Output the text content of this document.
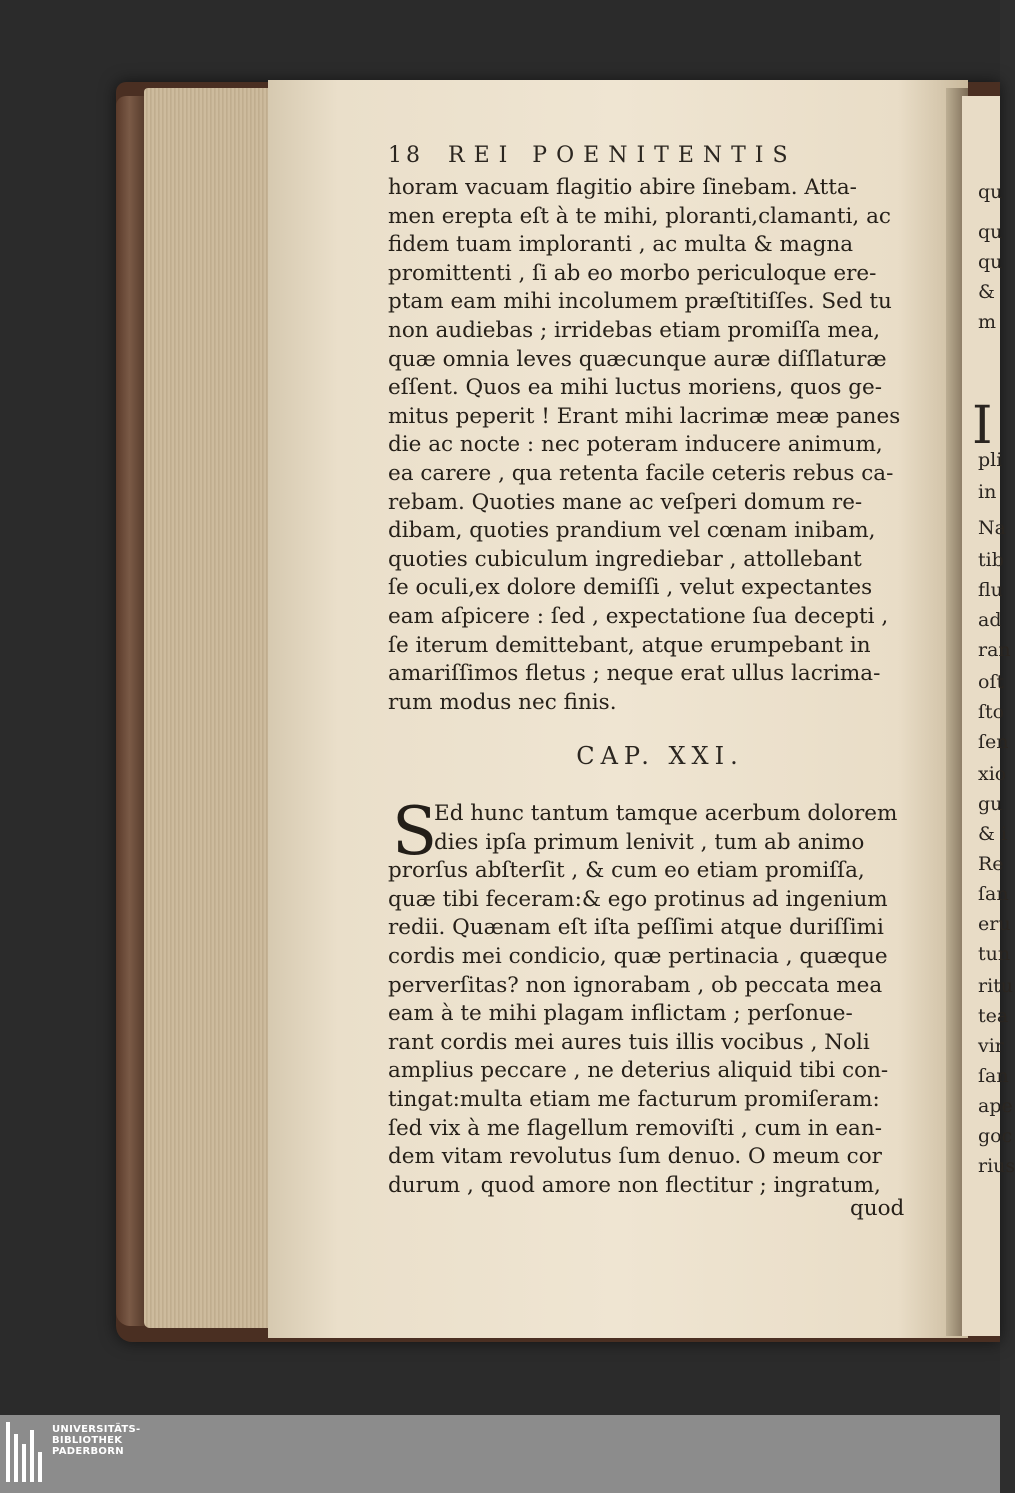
qu
qu
qu
&
m
I
pli
in
Na
tib
flu
ad
ran
oſt
ſto
ſen
xio
gu
& i
Re
ſan
eru
tun
ritu
tea
vir
ſan
ape
goc
rius
18	REI POENITENTIS
horam vacuam flagitio abire ſinebam. Atta-
men erepta eſt à te mihi, ploranti,clamanti, ac
fidem tuam imploranti , ac multa & magna
promittenti , ſi ab eo morbo periculoque ere-
ptam eam mihi incolumem præſtitiſſes. Sed tu
non audiebas ; irridebas etiam promiſſa mea,
quæ omnia leves quæcunque auræ diſſlaturæ
eſſent. Quos ea mihi luctus moriens, quos ge-
mitus peperit ! Erant mihi lacrimæ meæ panes
die ac nocte : nec poteram inducere animum,
ea carere , qua retenta facile ceteris rebus ca-
rebam. Quoties mane ac veſperi domum re-
dibam, quoties prandium vel cœnam inibam,
quoties cubiculum ingrediebar , attollebant
ſe oculi,ex dolore demiſſi , velut expectantes
eam aſpicere : ſed , expectatione ſua decepti ,
ſe iterum demittebant, atque erumpebant in
amariſſimos fletus ; neque erat ullus lacrima-
rum modus nec finis.
CAP. XXI.
S
Ed hunc tantum tamque acerbum dolorem
dies ipſa primum lenivit , tum ab animo
prorſus abſterſit , & cum eo etiam promiſſa,
quæ tibi feceram:& ego protinus ad ingenium
redii. Quænam eſt iſta peſſimi atque duriſſimi
cordis mei condicio, quæ pertinacia , quæque
perverſitas? non ignorabam , ob peccata mea
eam à te mihi plagam inflictam ; perſonue-
rant cordis mei aures tuis illis vocibus , Noli
amplius peccare , ne deterius aliquid tibi con-
tingat:multa etiam me facturum promiſeram:
ſed vix à me flagellum removiſti , cum in ean-
dem vitam revolutus ſum denuo. O meum cor
durum , quod amore non flectitur ; ingratum,
quod
UNIVERSITÄTS-
BIBLIOTHEK
PADERBORN
